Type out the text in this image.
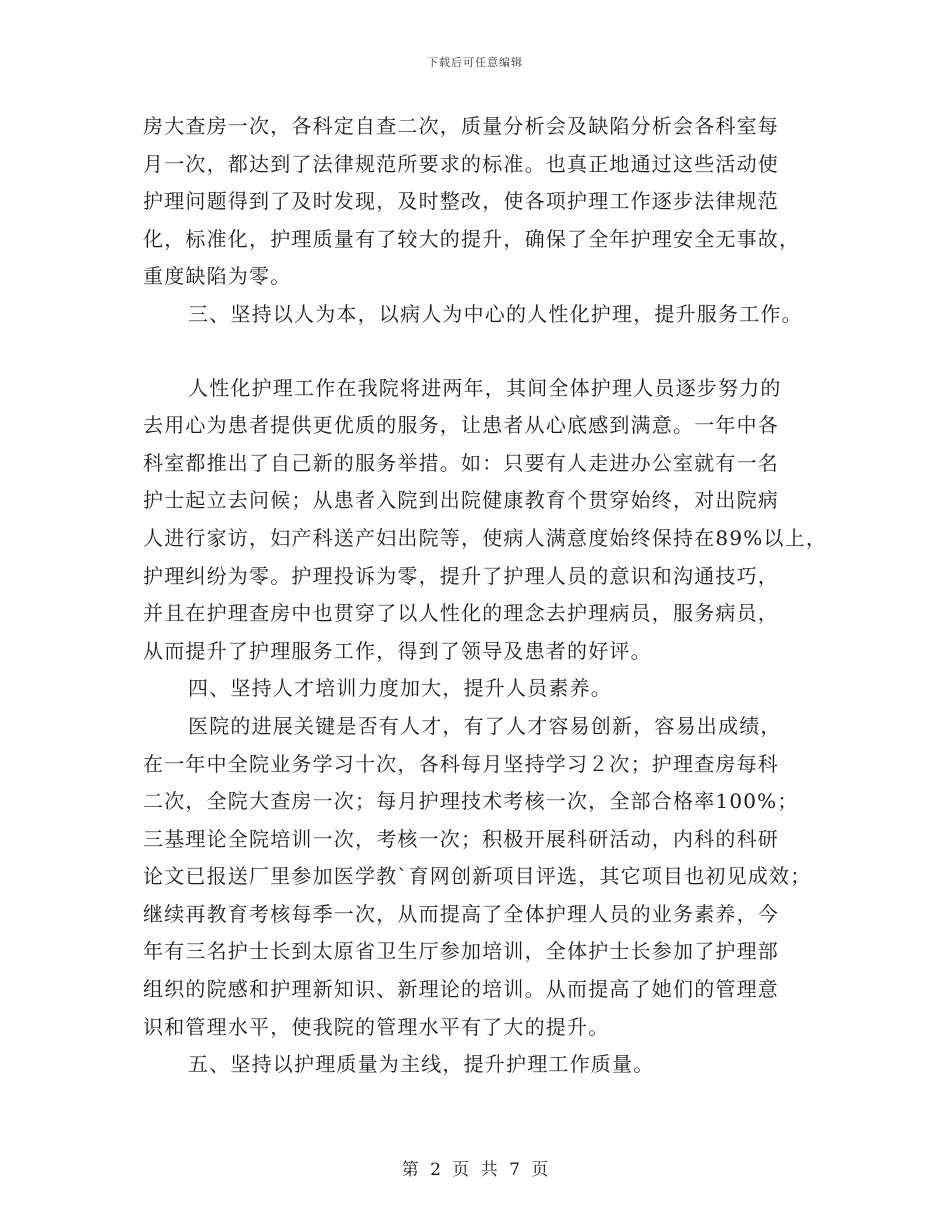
下载后可任意编辑
房大查房一次，各科定自查二次，质量分析会及缺陷分析会各科室每
月一次，都达到了法律规范所要求的标准。也真正地通过这些活动使
护理问题得到了及时发现，及时整改，使各项护理工作逐步法律规范
化，标准化，护理质量有了较大的提升，确保了全年护理安全无事故，
重度缺陷为零。
三、坚持以人为本，以病人为中心的人性化护理，提升服务工作。
人性化护理工作在我院将进两年，其间全体护理人员逐步努力的
去用心为患者提供更优质的服务，让患者从心底感到满意。一年中各
科室都推出了自己新的服务举措。如：只要有人走进办公室就有一名
护士起立去问候；从患者入院到出院健康教育个贯穿始终，对出院病
人进行家访，妇产科送产妇出院等，使病人满意度始终保持在89%以上，
护理纠纷为零。护理投诉为零，提升了护理人员的意识和沟通技巧，
并且在护理查房中也贯穿了以人性化的理念去护理病员，服务病员，
从而提升了护理服务工作，得到了领导及患者的好评。
四、坚持人才培训力度加大，提升人员素养。
医院的进展关键是否有人才，有了人才容易创新，容易出成绩，
在一年中全院业务学习十次，各科每月坚持学习２次；护理查房每科
二次，全院大查房一次；每月护理技术考核一次，全部合格率100%；
三基理论全院培训一次，考核一次；积极开展科研活动，内科的科研
论文已报送厂里参加医学教`育网创新项目评选，其它项目也初见成效；
继续再教育考核每季一次，从而提高了全体护理人员的业务素养，今
年有三名护士长到太原省卫生厅参加培训，全体护士长参加了护理部
组织的院感和护理新知识、新理论的培训。从而提高了她们的管理意
识和管理水平，使我院的管理水平有了大的提升。
五、坚持以护理质量为主线，提升护理工作质量。
第 2 页 共 7 页
